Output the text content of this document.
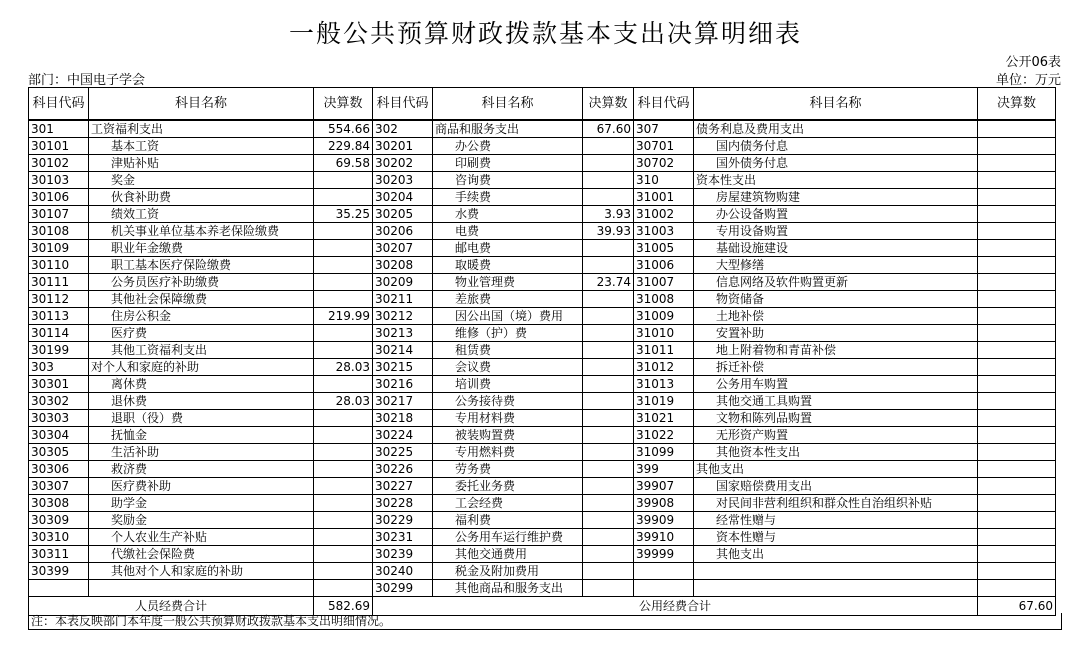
一般公共预算财政拨款基本支出决算明细表
公开06表
部门：中国电子学会	单位：万元
科目代码	科目名称	决算数	科目代码	科目名称	决算数	科目代码	科目名称	决算数
301	工资福利支出	554.66	302	商品和服务支出	67.60	307	债务利息及费用支出	
30101	基本工资	229.84	30201	办公费		30701	国内债务付息	
30102	津贴补贴	69.58	30202	印刷费		30702	国外债务付息	
30103	奖金		30203	咨询费		310	资本性支出	
30106	伙食补助费		30204	手续费		31001	房屋建筑物购建	
30107	绩效工资	35.25	30205	水费	3.93	31002	办公设备购置	
30108	机关事业单位基本养老保险缴费		30206	电费	39.93	31003	专用设备购置	
30109	职业年金缴费		30207	邮电费		31005	基础设施建设	
30110	职工基本医疗保险缴费		30208	取暖费		31006	大型修缮	
30111	公务员医疗补助缴费		30209	物业管理费	23.74	31007	信息网络及软件购置更新	
30112	其他社会保障缴费		30211	差旅费		31008	物资储备	
30113	住房公积金	219.99	30212	因公出国（境）费用		31009	土地补偿	
30114	医疗费		30213	维修（护）费		31010	安置补助	
30199	其他工资福利支出		30214	租赁费		31011	地上附着物和青苗补偿	
303	对个人和家庭的补助	28.03	30215	会议费		31012	拆迁补偿	
30301	离休费		30216	培训费		31013	公务用车购置	
30302	退休费	28.03	30217	公务接待费		31019	其他交通工具购置	
30303	退职（役）费		30218	专用材料费		31021	文物和陈列品购置	
30304	抚恤金		30224	被装购置费		31022	无形资产购置	
30305	生活补助		30225	专用燃料费		31099	其他资本性支出	
30306	救济费		30226	劳务费		399	其他支出	
30307	医疗费补助		30227	委托业务费		39907	国家赔偿费用支出	
30308	助学金		30228	工会经费		39908	对民间非营利组织和群众性自治组织补贴	
30309	奖励金		30229	福利费		39909	经常性赠与	
30310	个人农业生产补贴		30231	公务用车运行维护费		39910	资本性赠与	
30311	代缴社会保险费		30239	其他交通费用		39999	其他支出	
30399	其他对个人和家庭的补助		30240	税金及附加费用				
			30299	其他商品和服务支出				
人员经费合计		582.69	公用经费合计					67.60
注：本表反映部门本年度一般公共预算财政拨款基本支出明细情况。
